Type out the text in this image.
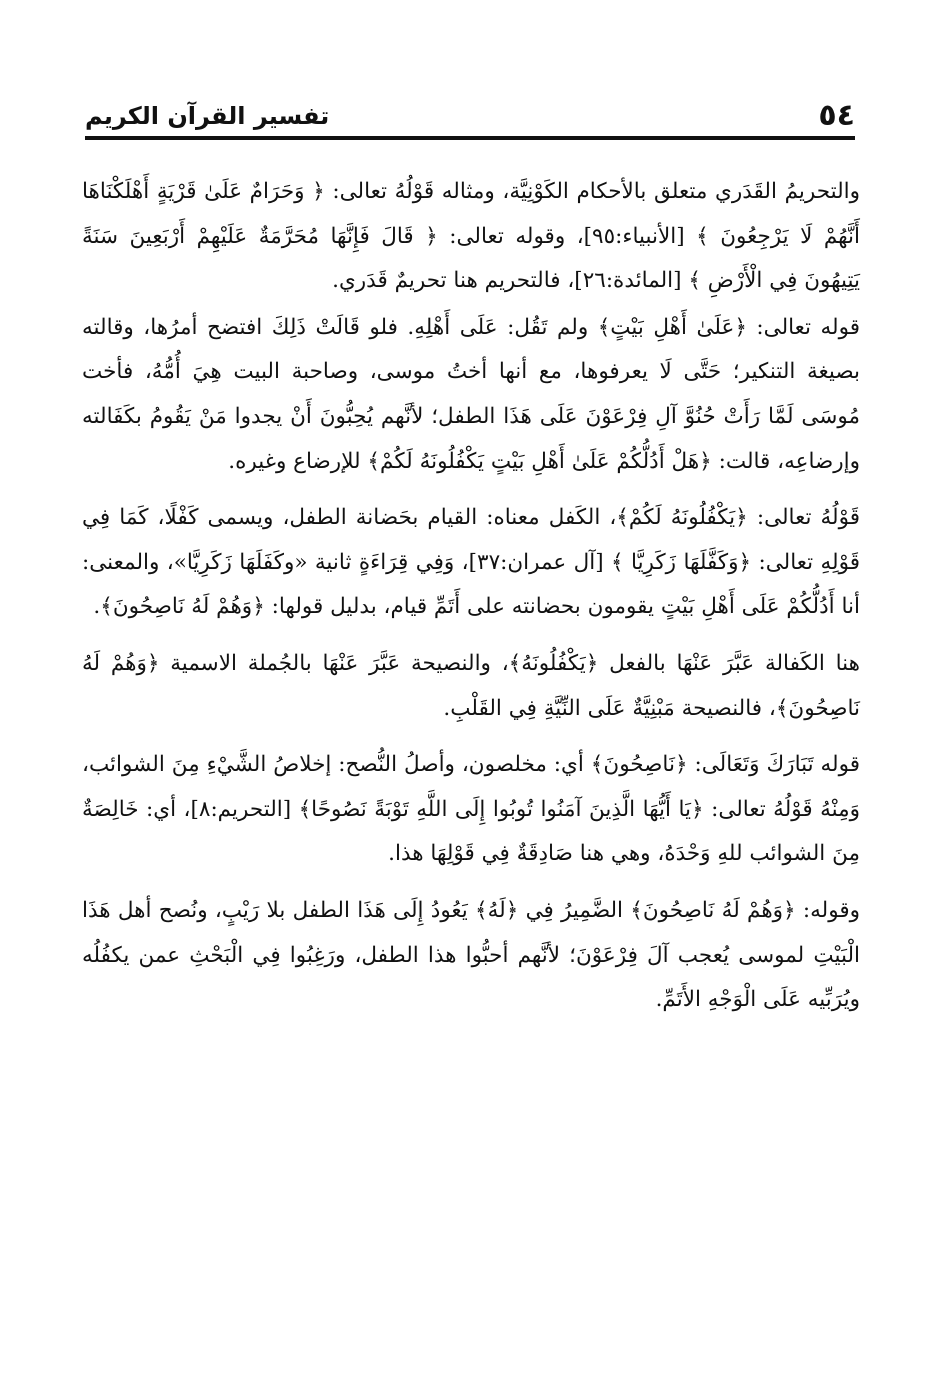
٥٤
تفسير القرآن الكريم

والتحريمُ القَدَري متعلق بالأحكام الكَوْنِيَّة، ومثاله قَوْلُهُ تعالى: ﴿ وَحَرَامٌ عَلَىٰ قَرْيَةٍ أَهْلَكْنَاهَا أَنَّهُمْ لَا يَرْجِعُونَ ﴾ [الأنبياء:٩٥]، وقوله تعالى: ﴿ قَالَ فَإِنَّهَا مُحَرَّمَةٌ عَلَيْهِمْ أَرْبَعِينَ سَنَةً يَتِيهُونَ فِي الْأَرْضِ ﴾ [المائدة:٢٦]، فالتحريم هنا تحريمٌ قَدَري.

قوله تعالى: ﴿عَلَىٰ أَهْلِ بَيْتٍ﴾ ولم تَقُل: عَلَى أَهْلِهِ. فلو قَالَتْ ذَلِكَ افتضح أمرُها، وقالته بصيغة التنكير؛ حَتَّى لَا يعرفوها، مع أنها أختُ موسى، وصاحبة البيت هِيَ أُمُّهُ، فأخت مُوسَى لَمَّا رَأَتْ حُنُوَّ آلِ فِرْعَوْنَ عَلَى هَذَا الطفل؛ لأنَّهم يُحِبُّونَ أَنْ يجدوا مَنْ يَقُومُ بكَفَالته وإرضاعِه، قالت: ﴿هَلْ أَدُلُّكُمْ عَلَىٰ أَهْلِ بَيْتٍ يَكْفُلُونَهُ لَكُمْ﴾ للإرضاع وغيره.

قَوْلُهُ تعالى: ﴿يَكْفُلُونَهُ لَكُمْ﴾، الكَفل معناه: القيام بحَضانة الطفل، ويسمى كَفْلًا، كَمَا فِي قَوْلِهِ تعالى: ﴿وَكَفَّلَهَا زَكَرِيَّا ﴾ [آل عمران:٣٧]، وَفِي قِرَاءَةٍ ثانية «وكَفَلَهَا زَكَرِيَّا»، والمعنى: أنا أَدُلُّكُمْ عَلَى أَهْلِ بَيْتٍ يقومون بحضانته على أَتَمِّ قيام، بدليل قولها: ﴿وَهُمْ لَهُ نَاصِحُونَ﴾.

هنا الكَفالة عَبَّرَ عَنْهَا بالفعل ﴿يَكْفُلُونَهُ﴾، والنصيحة عَبَّرَ عَنْهَا بالجُملة الاسمية ﴿وَهُمْ لَهُ نَاصِحُونَ﴾، فالنصيحة مَبْنِيَّةٌ عَلَى النِّيَّةِ فِي القَلْبِ.

قوله تَبَارَكَ وَتَعَالَى: ﴿نَاصِحُونَ﴾ أي: مخلصون، وأصلُ النُّصح: إخلاصُ الشَّيْءِ مِنَ الشوائب، وَمِنْهُ قَوْلُهُ تعالى: ﴿يَا أَيُّهَا الَّذِينَ آمَنُوا تُوبُوا إِلَى اللَّهِ تَوْبَةً نَصُوحًا﴾ [التحريم:٨]، أي: خَالِصَةٌ مِنَ الشوائب للهِ وَحْدَهُ، وهي هنا صَادِقَةٌ فِي قَوْلِهَا هذا.

وقوله: ﴿وَهُمْ لَهُ نَاصِحُونَ﴾ الضَّمِيرُ فِي ﴿لَهُ﴾ يَعُودُ إِلَى هَذَا الطفل بلا رَيْبٍ، ونُصح أهل هَذَا الْبَيْتِ لموسى يُعجب آلَ فِرْعَوْنَ؛ لأنَّهم أحبُّوا هذا الطفل، ورَغِبُوا فِي الْبَحْثِ عمن يكفُلُه ويُرَبِّيه عَلَى الْوَجْهِ الأَتَمِّ.
